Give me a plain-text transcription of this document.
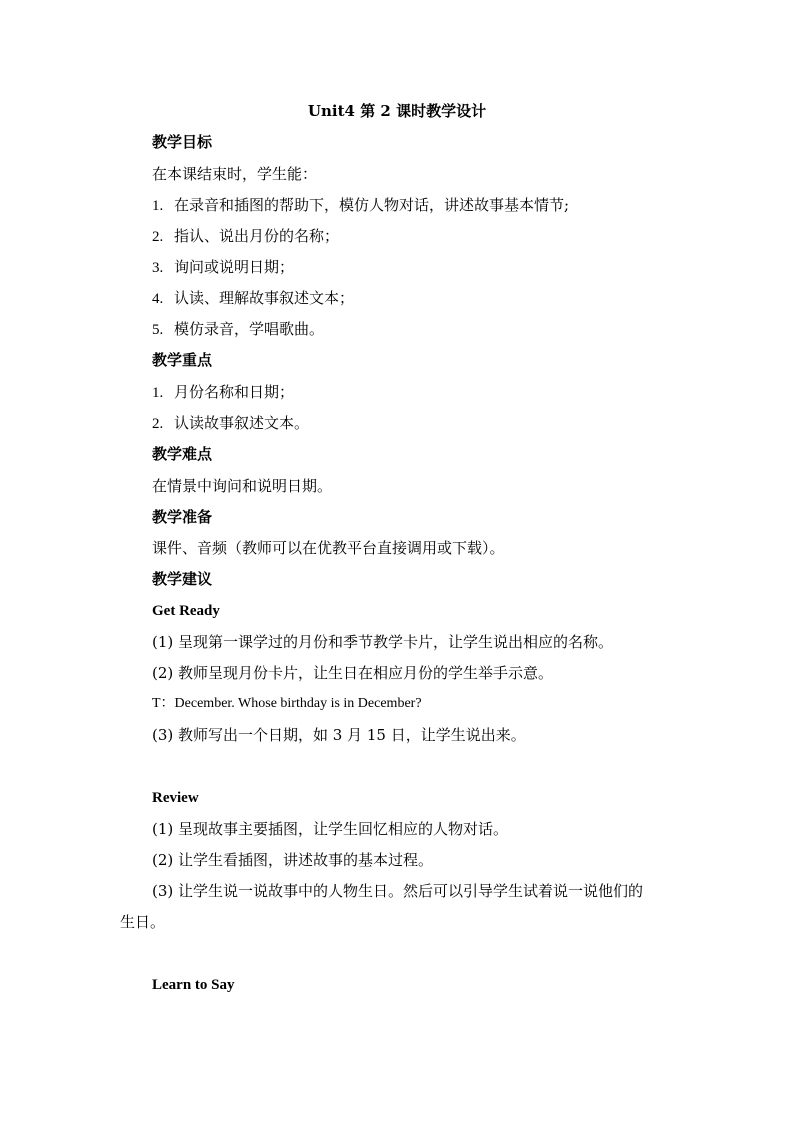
Unit4 第 2 课时教学设计
教学目标
在本课结束时，学生能：
1. 在录音和插图的帮助下，模仿人物对话，讲述故事基本情节;
2. 指认、说出月份的名称；
3. 询问或说明日期；
4. 认读、理解故事叙述文本；
5. 模仿录音，学唱歌曲。
教学重点
1. 月份名称和日期；
2. 认读故事叙述文本。
教学难点
在情景中询问和说明日期。
教学准备
课件、音频（教师可以在优教平台直接调用或下载）。
教学建议
Get Ready
(1) 呈现第一课学过的月份和季节教学卡片，让学生说出相应的名称。
(2) 教师呈现月份卡片，让生日在相应月份的学生举手示意。
T：December. Whose birthday is in December?
(3) 教师写出一个日期，如 3 月 15 日，让学生说出来。
Review
(1) 呈现故事主要插图，让学生回忆相应的人物对话。
(2) 让学生看插图，讲述故事的基本过程。
(3) 让学生说一说故事中的人物生日。然后可以引导学生试着说一说他们的
生日。
Learn to Say
